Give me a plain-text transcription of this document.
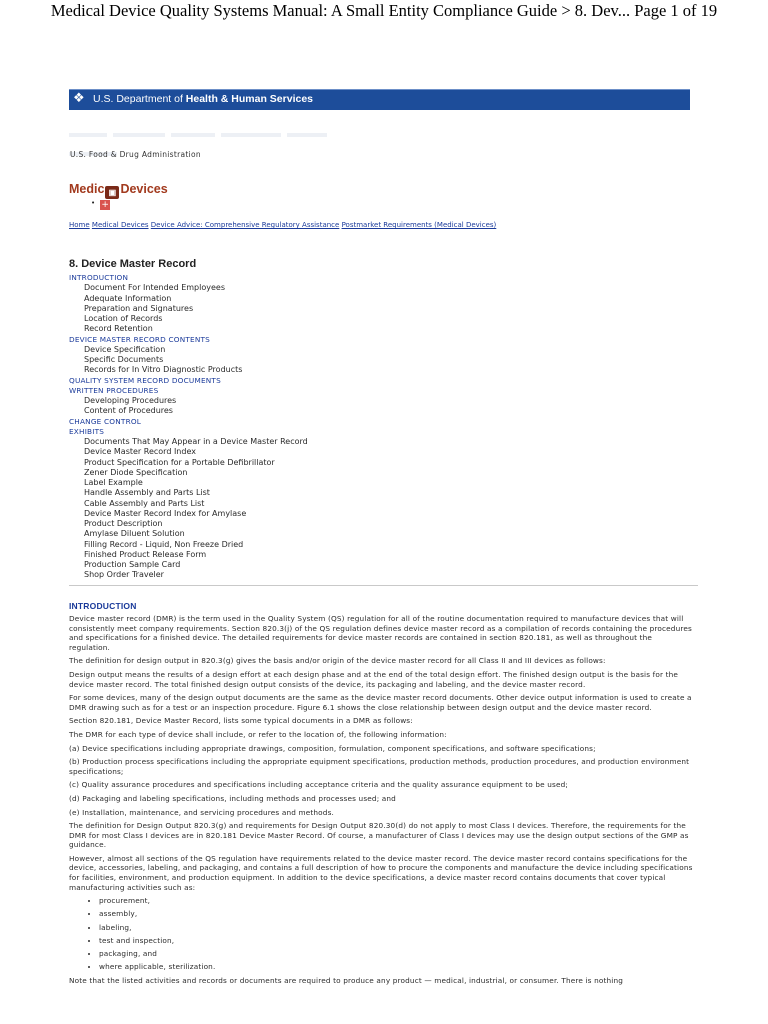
Medical Device Quality Systems Manual: A Small Entity Compliance Guide > 8. Dev... Page 1 of 19
❖ U.S. Department of Health & Human Services
U.S. Food & Drug Administration
Medic ▣ Devices
• +
Home Medical Devices Device Advice: Comprehensive Regulatory Assistance Postmarket Requirements (Medical Devices)
8. Device Master Record
INTRODUCTION
Document For Intended Employees
Adequate Information
Preparation and Signatures
Location of Records
Record Retention
DEVICE MASTER RECORD CONTENTS
Device Specification
Specific Documents
Records for In Vitro Diagnostic Products
QUALITY SYSTEM RECORD DOCUMENTS
WRITTEN PROCEDURES
Developing Procedures
Content of Procedures
CHANGE CONTROL
EXHIBITS
Documents That May Appear in a Device Master Record
Device Master Record Index
Product Specification for a Portable Defibrillator
Zener Diode Specification
Label Example
Handle Assembly and Parts List
Cable Assembly and Parts List
Device Master Record Index for Amylase
Product Description
Amylase Diluent Solution
Filling Record - Liquid, Non Freeze Dried
Finished Product Release Form
Production Sample Card
Shop Order Traveler
INTRODUCTION

Device master record (DMR) is the term used in the Quality System (QS) regulation for all of the routine documentation required to manufacture devices that will consistently meet company requirements. Section 820.3(j) of the QS regulation defines device master record as a compilation of records containing the procedures and specifications for a finished device. The detailed requirements for device master records are contained in section 820.181, as well as throughout the regulation.

The definition for design output in 820.3(g) gives the basis and/or origin of the device master record for all Class II and III devices as follows:

Design output means the results of a design effort at each design phase and at the end of the total design effort. The finished design output is the basis for the device master record. The total finished design output consists of the device, its packaging and labeling, and the device master record.

For some devices, many of the design output documents are the same as the device master record documents. Other device output information is used to create a DMR drawing such as for a test or an inspection procedure. Figure 6.1 shows the close relationship between design output and the device master record.

Section 820.181, Device Master Record, lists some typical documents in a DMR as follows:

The DMR for each type of device shall include, or refer to the location of, the following information:

(a) Device specifications including appropriate drawings, composition, formulation, component specifications, and software specifications;

(b) Production process specifications including the appropriate equipment specifications, production methods, production procedures, and production environment specifications;

(c) Quality assurance procedures and specifications including acceptance criteria and the quality assurance equipment to be used;

(d) Packaging and labeling specifications, including methods and processes used; and

(e) Installation, maintenance, and servicing procedures and methods.

The definition for Design Output 820.3(g) and requirements for Design Output 820.30(d) do not apply to most Class I devices. Therefore, the requirements for the DMR for most Class I devices are in 820.181 Device Master Record. Of course, a manufacturer of Class I devices may use the design output sections of the GMP as guidance.

However, almost all sections of the QS regulation have requirements related to the device master record. The device master record contains specifications for the device, accessories, labeling, and packaging, and contains a full description of how to procure the components and manufacture the device including specifications for facilities, environment, and production equipment. In addition to the device specifications, a device master record contains documents that cover typical manufacturing activities such as:

• procurement,
• assembly,
• labeling,
• test and inspection,
• packaging, and
• where applicable, sterilization.

Note that the listed activities and records or documents are required to produce any product — medical, industrial, or consumer. There is nothing
